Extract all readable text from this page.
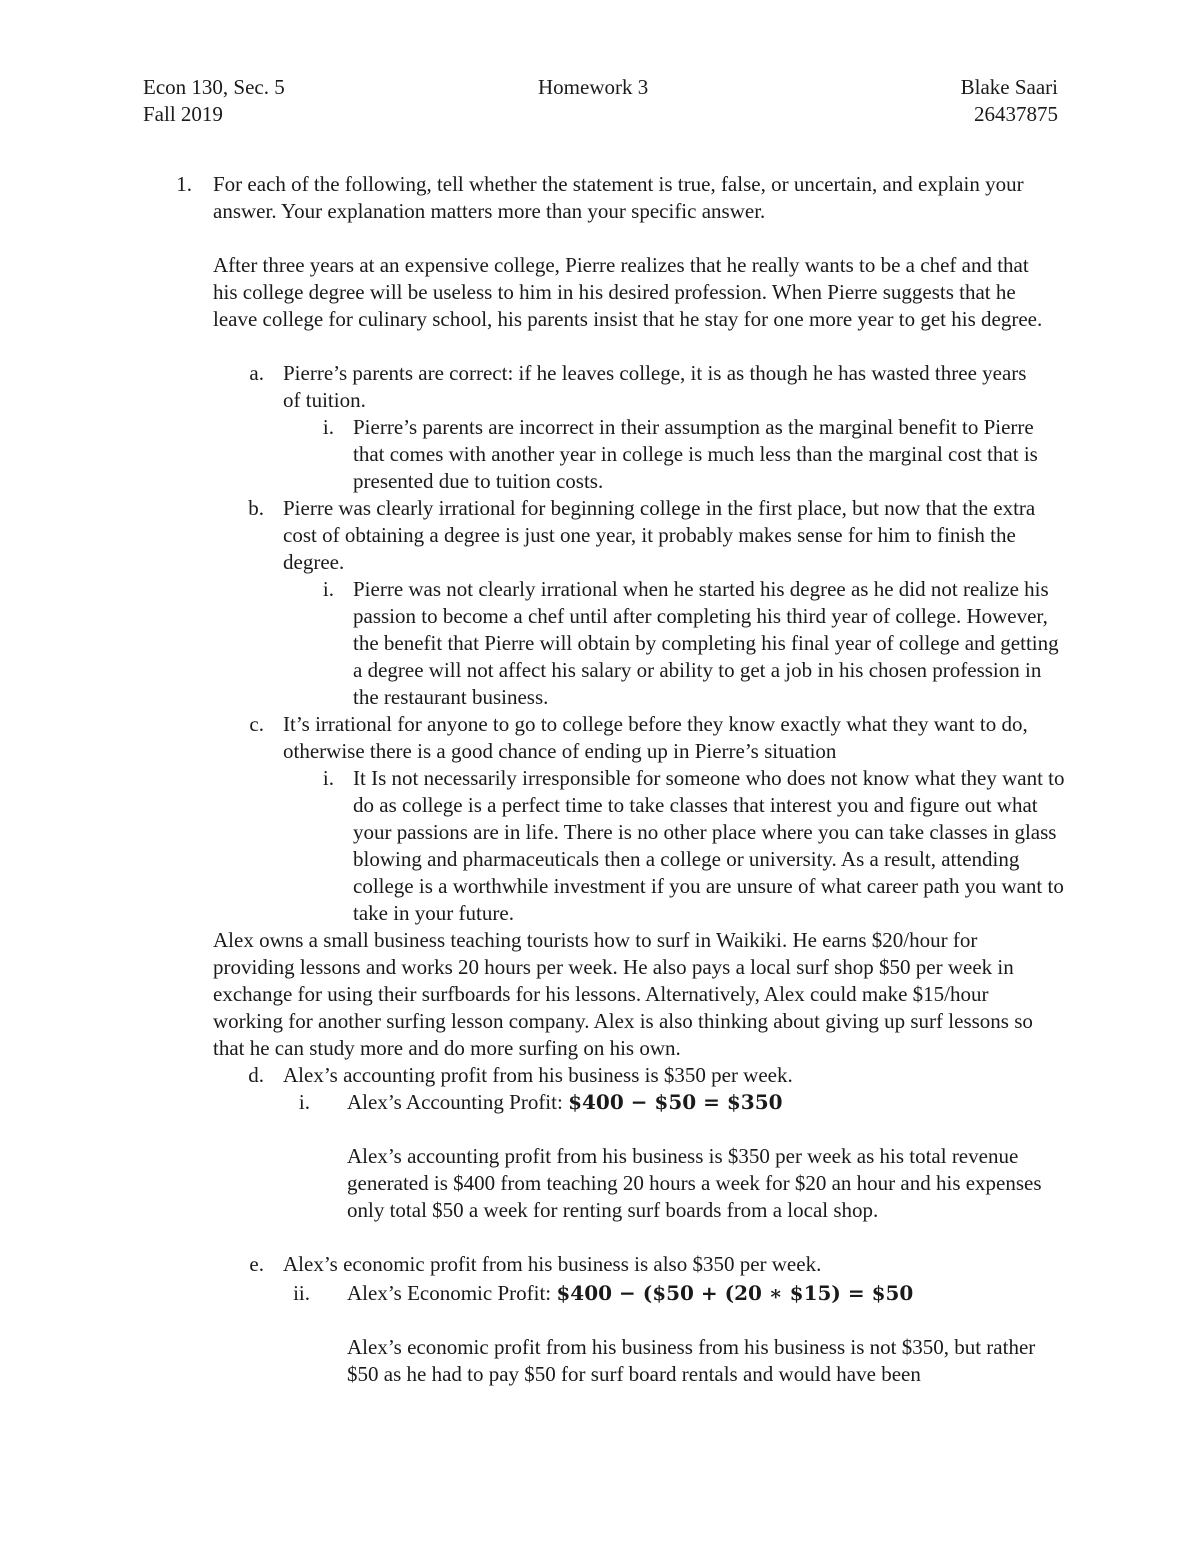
Econ 130, Sec. 5
Fall 2019
Homework 3	Blake Saari
26437875
1. For each of the following, tell whether the statement is true, false, or uncertain, and explain your answer. Your explanation matters more than your specific answer.
After three years at an expensive college, Pierre realizes that he really wants to be a chef and that his college degree will be useless to him in his desired profession. When Pierre suggests that he leave college for culinary school, his parents insist that he stay for one more year to get his degree.
a. Pierre’s parents are correct: if he leaves college, it is as though he has wasted three years of tuition.
i. Pierre’s parents are incorrect in their assumption as the marginal benefit to Pierre that comes with another year in college is much less than the marginal cost that is presented due to tuition costs.
b. Pierre was clearly irrational for beginning college in the first place, but now that the extra cost of obtaining a degree is just one year, it probably makes sense for him to finish the degree.
i. Pierre was not clearly irrational when he started his degree as he did not realize his passion to become a chef until after completing his third year of college. However, the benefit that Pierre will obtain by completing his final year of college and getting a degree will not affect his salary or ability to get a job in his chosen profession in the restaurant business.
c. It’s irrational for anyone to go to college before they know exactly what they want to do, otherwise there is a good chance of ending up in Pierre’s situation
i. It Is not necessarily irresponsible for someone who does not know what they want to do as college is a perfect time to take classes that interest you and figure out what your passions are in life. There is no other place where you can take classes in glass blowing and pharmaceuticals then a college or university. As a result, attending college is a worthwhile investment if you are unsure of what career path you want to take in your future.
Alex owns a small business teaching tourists how to surf in Waikiki. He earns $20/hour for providing lessons and works 20 hours per week. He also pays a local surf shop $50 per week in exchange for using their surfboards for his lessons. Alternatively, Alex could make $15/hour working for another surfing lesson company. Alex is also thinking about giving up surf lessons so that he can study more and do more surfing on his own.
d. Alex’s accounting profit from his business is $350 per week.
i. Alex’s Accounting Profit: $400 − $50 = $350
Alex’s accounting profit from his business is $350 per week as his total revenue generated is $400 from teaching 20 hours a week for $20 an hour and his expenses only total $50 a week for renting surf boards from a local shop.
e. Alex’s economic profit from his business is also $350 per week.
ii. Alex’s Economic Profit: $400 − ($50 + (20 ∗ $15) = $50
Alex’s economic profit from his business from his business is not $350, but rather $50 as he had to pay $50 for surf board rentals and would have been
